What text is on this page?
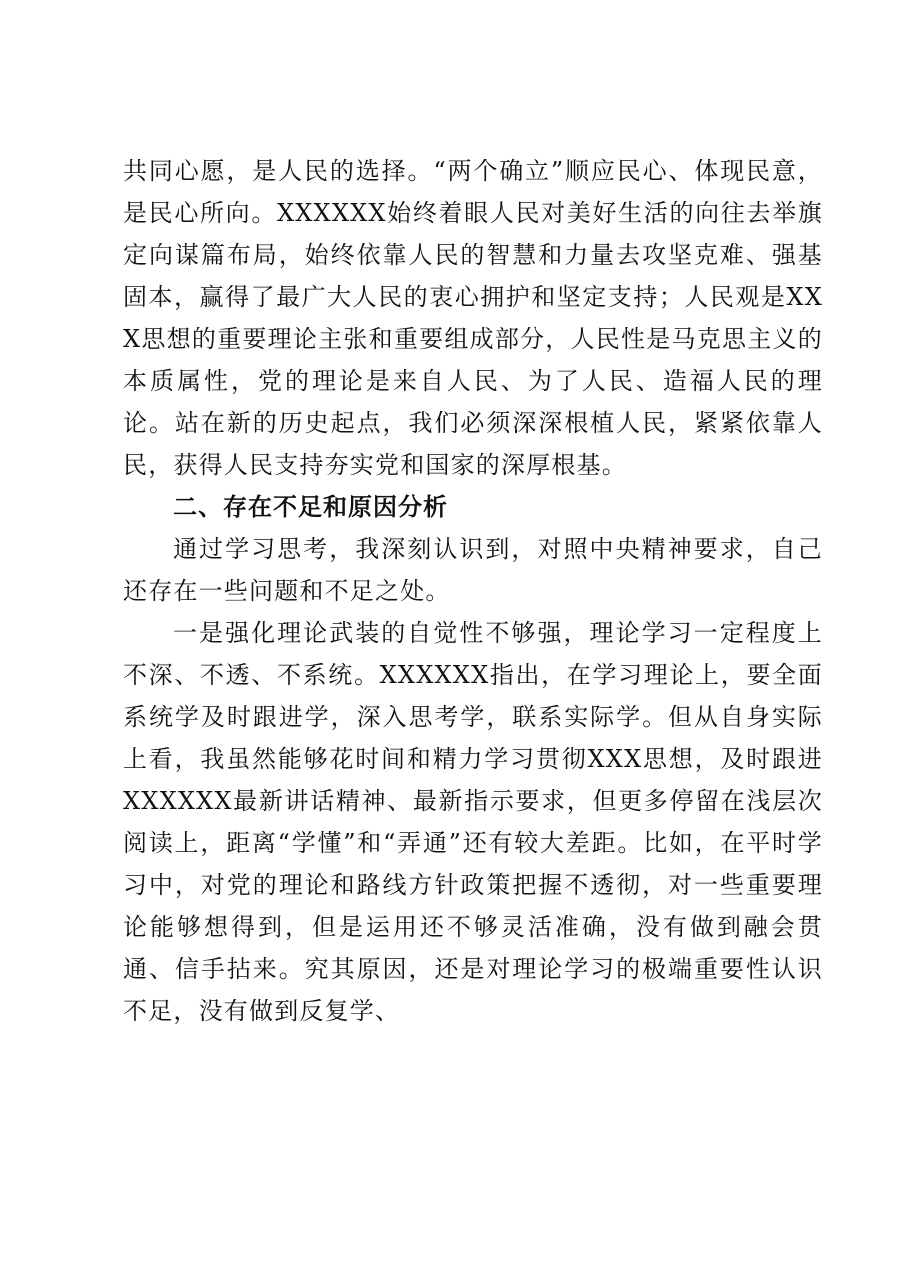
共同心愿，是人民的选择。“两个确立”顺应民心、体现民意，是民心所向。XXXXXX始终着眼人民对美好生活的向往去举旗定向谋篇布局，始终依靠人民的智慧和力量去攻坚克难、强基固本，赢得了最广大人民的衷心拥护和坚定支持；人民观是XXX思想的重要理论主张和重要组成部分，人民性是马克思主义的本质属性，党的理论是来自人民、为了人民、造福人民的理论。站在新的历史起点，我们必须深深根植人民，紧紧依靠人民，获得人民支持夯实党和国家的深厚根基。

二、存在不足和原因分析

通过学习思考，我深刻认识到，对照中央精神要求，自己还存在一些问题和不足之处。

一是强化理论武装的自觉性不够强，理论学习一定程度上不深、不透、不系统。XXXXXX指出，在学习理论上，要全面系统学及时跟进学，深入思考学，联系实际学。但从自身实际上看，我虽然能够花时间和精力学习贯彻XXX思想，及时跟进XXXXXX最新讲话精神、最新指示要求，但更多停留在浅层次阅读上，距离“学懂”和“弄通”还有较大差距。比如，在平时学习中，对党的理论和路线方针政策把握不透彻，对一些重要理论能够想得到，但是运用还不够灵活准确，没有做到融会贯通、信手拈来。究其原因，还是对理论学习的极端重要性认识不足，没有做到反复学、
